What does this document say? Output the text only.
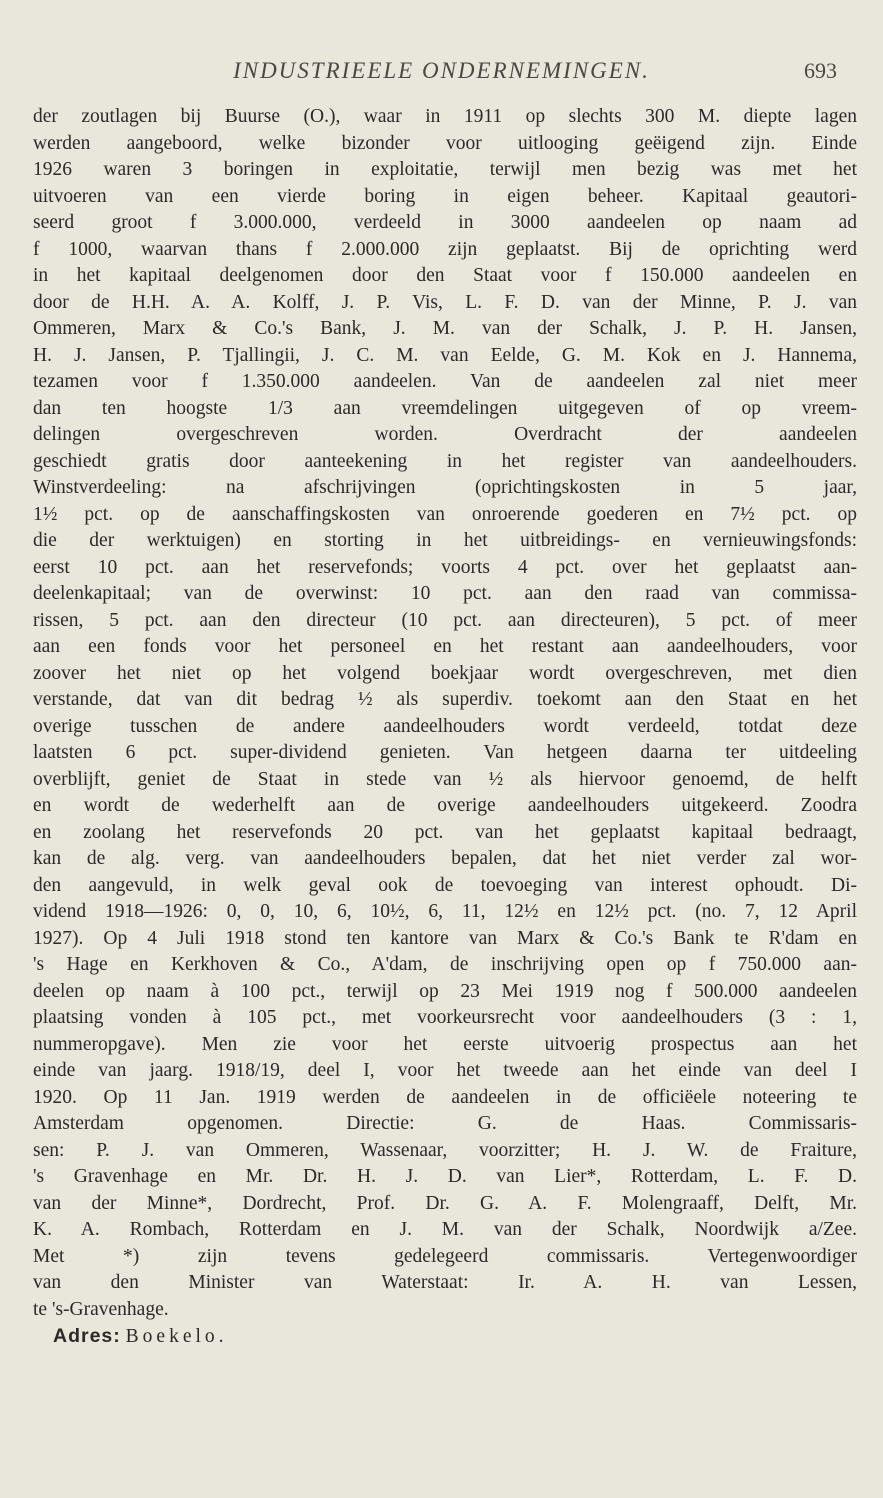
INDUSTRIEELE ONDERNEMINGEN.	693
der zoutlagen bij Buurse (O.), waar in 1911 op slechts 300 M. diepte lagen
werden aangeboord, welke bizonder voor uitlooging geëigend zijn. Einde
1926 waren 3 boringen in exploitatie, terwijl men bezig was met het
uitvoeren van een vierde boring in eigen beheer. Kapitaal geautori-
seerd groot f 3.000.000, verdeeld in 3000 aandeelen op naam ad
f 1000, waarvan thans f 2.000.000 zijn geplaatst. Bij de oprichting werd
in het kapitaal deelgenomen door den Staat voor f 150.000 aandeelen en
door de H.H. A. A. Kolff, J. P. Vis, L. F. D. van der Minne, P. J. van
Ommeren, Marx & Co.'s Bank, J. M. van der Schalk, J. P. H. Jansen,
H. J. Jansen, P. Tjallingii, J. C. M. van Eelde, G. M. Kok en J. Hannema,
tezamen voor f 1.350.000 aandeelen. Van de aandeelen zal niet meer
dan ten hoogste 1/3 aan vreemdelingen uitgegeven of op vreem-
delingen overgeschreven worden. Overdracht der aandeelen
geschiedt gratis door aanteekening in het register van aandeelhouders.
Winstverdeeling: na afschrijvingen (oprichtingskosten in 5 jaar,
1½ pct. op de aanschaffingskosten van onroerende goederen en 7½ pct. op
die der werktuigen) en storting in het uitbreidings- en vernieuwingsfonds:
eerst 10 pct. aan het reservefonds; voorts 4 pct. over het geplaatst aan-
deelenkapitaal; van de overwinst: 10 pct. aan den raad van commissa-
rissen, 5 pct. aan den directeur (10 pct. aan directeuren), 5 pct. of meer
aan een fonds voor het personeel en het restant aan aandeelhouders, voor
zoover het niet op het volgend boekjaar wordt overgeschreven, met dien
verstande, dat van dit bedrag ½ als superdiv. toekomt aan den Staat en het
overige tusschen de andere aandeelhouders wordt verdeeld, totdat deze
laatsten 6 pct. super-dividend genieten. Van hetgeen daarna ter uitdeeling
overblijft, geniet de Staat in stede van ½ als hiervoor genoemd, de helft
en wordt de wederhelft aan de overige aandeelhouders uitgekeerd. Zoodra
en zoolang het reservefonds 20 pct. van het geplaatst kapitaal bedraagt,
kan de alg. verg. van aandeelhouders bepalen, dat het niet verder zal wor-
den aangevuld, in welk geval ook de toevoeging van interest ophoudt. Di-
vidend 1918—1926: 0, 0, 10, 6, 10½, 6, 11, 12½ en 12½ pct. (no. 7, 12 April
1927). Op 4 Juli 1918 stond ten kantore van Marx & Co.'s Bank te R'dam en
's Hage en Kerkhoven & Co., A'dam, de inschrijving open op f 750.000 aan-
deelen op naam à 100 pct., terwijl op 23 Mei 1919 nog f 500.000 aandeelen
plaatsing vonden à 105 pct., met voorkeursrecht voor aandeelhouders (3 : 1,
nummeropgave). Men zie voor het eerste uitvoerig prospectus aan het
einde van jaarg. 1918/19, deel I, voor het tweede aan het einde van deel I
1920. Op 11 Jan. 1919 werden de aandeelen in de officiëele noteering te
Amsterdam opgenomen. Directie: G. de Haas. Commissaris-
sen: P. J. van Ommeren, Wassenaar, voorzitter; H. J. W. de Fraiture,
's Gravenhage en Mr. Dr. H. J. D. van Lier*, Rotterdam, L. F. D.
van der Minne*, Dordrecht, Prof. Dr. G. A. F. Molengraaff, Delft, Mr.
K. A. Rombach, Rotterdam en J. M. van der Schalk, Noordwijk a/Zee.
Met *) zijn tevens gedelegeerd commissaris. Vertegenwoordiger
van den Minister van Waterstaat: Ir. A. H. van Lessen,
te 's-Gravenhage.
Adres: Boekelo.
